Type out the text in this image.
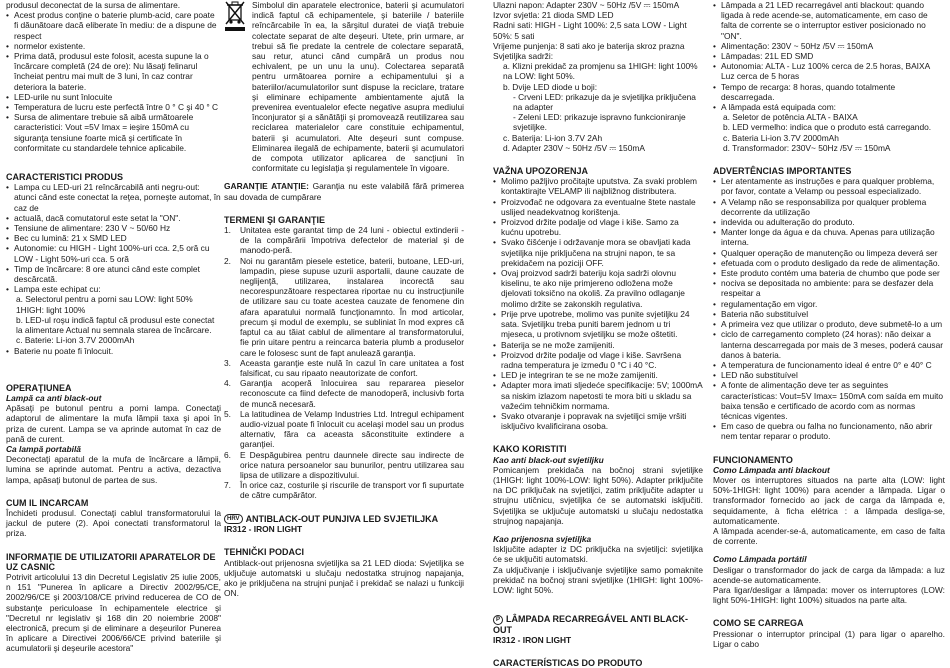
produsul deconectat de la sursa de alimentare.

• Acest produs conţine o baterie plumb-acid, care poate fi dăunătoare dacă eliberate în mediu: de a dispune de respect
• normelor existente.
• Prima dată, produsul este folosit, acesta supune la o încărcare completă (24 de ore): Nu lăsaţi felinarul încheiat pentru mai mult de 3 luni, în caz contrar deteriora la baterie.
• LED-urile nu sunt înlocuite
• Temperatura de lucru este perfectă între 0 ° C şi 40 ° C
• Sursa de alimentare trebuie să aibă următoarele caracteristici: Vout =5V Imax = ieşire 150mA cu siguranţa tensiune foarte mică şi certificate în conformitate cu standardele tehnice aplicabile.

CARACTERISTICI PRODUS

• Lampa cu LED-uri 21 reîncărcabilă anti negru-out: atunci când este conectat la reţea, porneşte automat, în caz de
• actuală, dacă comutatorul este setat la "ON".
• Tensiune de alimentare: 230 V ~ 50/60 Hz
• Bec cu lumină: 21 x SMD LED
• Autonomie: cu HIGH - Light 100%-uri cca. 2,5 oră cu LOW - Light 50%-uri cca. 5 oră
• Timp de încărcare: 8 ore atunci când este complet descărcată.
• Lampa este echipat cu:

a. Selectorul pentru a porni sau LOW: light 50% 1HIGH: light 100%

b. LED-ul roşu indică faptul că produsul este conectat la alimentare Actual nu semnala starea de încărcare.

c. Baterie: Li-ion 3.7V 2000mAh

• Baterie nu poate fi înlocuit.

OPERAŢIUNEA

Lampă ca anti black-out

Apăsaţi pe butonul pentru a porni lampa. Conectaţi adaptorul de alimentare la mufa lămpii taxa şi apoi în priza de curent. Lampa se va aprinde automat în caz de pană de curent.

Ca lampă portabilă

Deconectaţi aparatul de la mufa de încărcare a lămpii, lumina se aprinde automat. Pentru a activa, dezactiva lampa, apăsaţi butonul de partea de sus.

CUM IL INCARCAM

Închideti produsul. Conectaţi cablul transformatorului la jackul de putere (2). Apoi conectati transformatorul la priza.

INFORMAŢIE DE UTILIZATORII APARATELOR DE UZ CASNIC

Potrivit articolului 13 din Decretul Legislativ 25 iulie 2005, n 151 "Punerea în aplicare a Directiv 2002/95/CE, 2002/96/CE şi 2003/108/CE privind reducerea de CO de substanţe periculoase în echipamentele electrice şi "Decretul nr legislativ şi 168 din 20 noiembrie 2008" electronică, precum şi de eliminare a deşeurilor Punerea în aplicare a Directivei 2006/66/CE privind bateriile şi acumulatorii şi deşeurile acestora"

Simbolul din aparatele electronice, baterii şi acumulatori indică faptul că echipamentele, şi bateriile / bateriile reîncărcabile în ea, la sărşitul duratei de viaţă trebuie colectate separat de alte deşeuri. Utete, prin urmare, ar trebui să fie predate la centrele de colectare separată, sau retur, atunci când cumpără un produs nou echivalent, pe un unu la unu). Colectarea separată pentru următoarea pornire a echipamentului şi a bateriilor/acumulatorilor sunt dispuse la reciclare, tratare şi eliminare echipamente ambientamente ajută la prevenirea eventualelor efecte negative asupra mediului înconjurator şi a sănătăţii şi promovează reutilizarea sau reciclarea materialelor care constituie echipamentul, baterii şi acumulatori. Alte deşeuri sunt compuse. Eliminarea ilegală de echipamente, baterii şi acumulatori de compota utilizator aplicarea de sancţiuni în conformitate cu legislaţia şi regulamentele în vigoare.

GARANŢIE ATANŢIE: Garanţia nu este valabilă fără primerea sau dovada de cumpărare

TERMENI ŞI GARANŢIE

1. Unitatea este garantat timp de 24 luni - obiectul extinderii - de la compărării împotriva defectelor de material şi de manodo-peră.
2. Noi nu garantăm piesele estetice, baterii, butoane, LED-uri, lampadin, piese supuse uzurii asportalii, daune cauzate de neglijenţă, utilizarea, instalarea incorectă sau necorespunzătoare respectarea riportae nu cu instrucţiunile de utilizare sau cu toate acestea cauzate de fenomene din afara aparatului normală funcţionamnto. În mod articolar, precum şi modul de exemplu, se subliniat în mod expres că faptul ca au tăiat cablul de alimentare al transformatorului, fie prin uitare pentru a reincarca bateria plumb a produselor care le folosesc sunt de fapt anulează garanţia.
3. Aceasta garanţie este nulă în cazul în care unitatea a fost falsificat, cu sau ripaato neautorizate de confort.
4. Garanţia acoperă înlocuirea sau repararea pieselor reconoscute ca fiind defecte de manodoperă, inclusivb forta de muncă necesară.
5. La latitudinea de Velamp Industries Ltd. Intregul echipament audio-vizual poate fi înlocuit cu acelaşi model sau un produs alternativ, făra ca aceasta săconstituite extindere a garanţiei.
6. E Despăgubirea pentru daunnele directe sau indirecte de orice natura persoanelor sau bunurilor, pentru utilizarea sau lipsa de utilizare a dispozitivului.
7. În orice caz, costurile şi riscurile de transport vor fi supurtate de către cumpărător.

HRV ANTIBLACK-OUT PUNJIVA LED SVJETILJKA

IR312 - IRON LIGHT

TEHNIČKI PODACI

Antiblack-out prijenosna svjetiljka sa 21 LED dioda: Svjetiljka se uključuje automatski u slučaju nedostatka strujnog napajanja, ako je priključena na strujni punjač i prekidač se nalazi u funkciji ON.

Ulazni napon: Adapter 230V ~ 50Hz /5V ⎓ 150mA

Izvor svjetla: 21 dioda SMD LED

Radni sati: HIGH - Light 100%: 2,5 sata LOW - Light 50%: 5 sati

Vrijeme punjenja: 8 sati ako je baterija skroz prazna

Svjetiljka sadrži:

a. Klizni prekidač za promjenu sa 1HIGH: light 100% na LOW: light 50%.

b. Dvije LED diode u boji:

- Crveni LED: prikazuje da je svjetiljka priključena na adapter

- Zeleni LED: prikazuje ispravno funkcioniranje svjetiljke.

c. Baterija: Li-ion 3.7V 2Ah

d. Adapter 230V ~ 50Hz /5V ⎓ 150mA

VAŽNA UPOZORENJA

• Molimo pažljivo pročitajte uputstva. Za svaki problem kontaktirajte VELAMP ili najbližnog distributera.
• Proizvođač ne odgovara za eventualne štete nastale uslijed neadekvatnog korištenja.
• Proizvod držite podalje od vlage i kiše. Samo za kućnu upotrebu.
• Svako čišćenje i održavanje mora se obavljati kada svjetiljka nije priključena na strujni napon, te sa prekidačem na poziciji OFF.
• Ovaj proizvod sadrži bateriju koja sadrži olovnu kiselinu, te ako nije primjereno odložena može djelovati toksično na okoliš. Za pravilno odlaganje molimo držite se zakonskih regulativa.
• Prije prve upotrebe, molimo vas punite svjetiljku 24 sata. Svjetiljku treba puniti barem jednom u tri mjeseca, u protivnom svjetiljku se može oštetiti.
• Baterija se ne može zamijeniti.
• Proizvod držite podalje od vlage i kiše. Savršena radna temperatura je između 0 °C i 40 °C.
• LED je integriran te se ne može zamijeniti.
• Adapter mora imati sljedeće specifikacije: 5V; 1000mA sa niskim izlazom napetosti te mora biti u skladu sa važećim tehničkim normama.
• Svako otvaranje i popravak na svjetiljci smije vršiti isključivo kvalificirana osoba.

KAKO KORISTITI

Kao anti black-out svjetiljku

Pomicanjem prekidača na bočnoj strani svjetiljke (1HIGH: light 100%-LOW: light 50%). Adapter priključite na DC priključak na svjetiljci, zatim priključite adapter u strujnu utičnicu, svjetiljka će se automatski isključiti. Svjetiljka se uključuje automatski u slučaju nedostatka strujnog napajanja.

Kao prijenosna svjetiljka

Isključite adapter iz DC priključka na svjetiljci: svjetiljka će se uključiti automatski.

Za uključivanje i isključivanje svjetiljke samo pomaknite prekidač na bočnoj strani svjetiljke (1HIGH: light 100%-LOW: light 50%.

P LÂMPADA RECARREGÁVEL ANTI BLACK-OUT

IR312 - IRON LIGHT

CARACTERÍSTICAS DO PRODUTO

• Lâmpada a 21 LED recarregável anti blackout: quando ligada à rede acende-se, automaticamente, em caso de falta de corrente se o interruptor estiver posicionado no "ON".
• Alimentação: 230V ~ 50Hz /5V ⎓ 150mA
• Lâmpadas: 21L ED SMD
• Autonomia: ALTA - Luz 100% cerca de 2.5 horas, BAIXA Luz cerca de 5 horas
• Tempo de recarga: 8 horas, quando totalmente descarregada.
• A lâmpada está equipada com:

a. Seletor de potência ALTA - BAIXA

b. LED vermelho: indica que o produto está carregando.

c. Bateria Li-ion 3.7V 2000mAh

d. Transformador: 230V~ 50Hz /5V ⎓ 150mA

ADVERTÊNCIAS IMPORTANTES

• Ler atentamente as instruções e para qualquer problema, por favor, contate a Velamp ou pessoal especializado.
• A Velamp não se responsabiliza por qualquer problema decorrente da utilização
• indevida ou adulteração do produto.
• Manter longe da água e da chuva. Apenas para utilização interna.
• Qualquer operação de manutenção ou limpeza deverá ser
• efetuada com o produto desligado da rede de alimentação.
• Este produto contém uma bateria de chumbo que pode ser
• nociva se depositada no ambiente: para se desfazer dela respeitar a
• regulamentação em vigor.
• Bateria não substituível
• A primeira vez que utilizar o produto, deve submetê-lo a um
• ciclo de carregamento completo (24 horas): não deixar a lanterna descarregada por mais de 3 meses, poderá causar danos à bateria.
• A temperatura de funcionamento ideal é entre 0° e 40° C
• LED não substituível
• A fonte de alimentação deve ter as seguintes características: Vout=5V Imax= 150mA com saída em muito baixa tensão e certificado de acordo com as normas técnicas vigentes.
• Em caso de quebra ou falha no funcionamento, não abrir nem tentar reparar o produto.

FUNCIONAMENTO

Como Lâmpada anti blackout

Mover os interruptores situados na parte alta (LOW: light 50%-1HIGH: light 100%) para acender a lâmpada. Ligar o transformador fornecido ao jack de carga da lâmpada e, sequidamente, à ficha elétrica : a lâmpada desliga-se, automaticamente.

A lâmpada acender-se-á, automaticamente, em caso de falta de corrente.

Como Lâmpada portátil

Desligar o transformador do jack de carga da lâmpada: a luz acende-se automaticamente.

Para ligar/desligar a lâmpada: mover os interruptores (LOW: light 50%-1HIGH: light 100%) situados na parte alta.

COMO SE CARREGA

Pressionar o interruptor principal (1) para ligar o aparelho. Ligar o cabo
